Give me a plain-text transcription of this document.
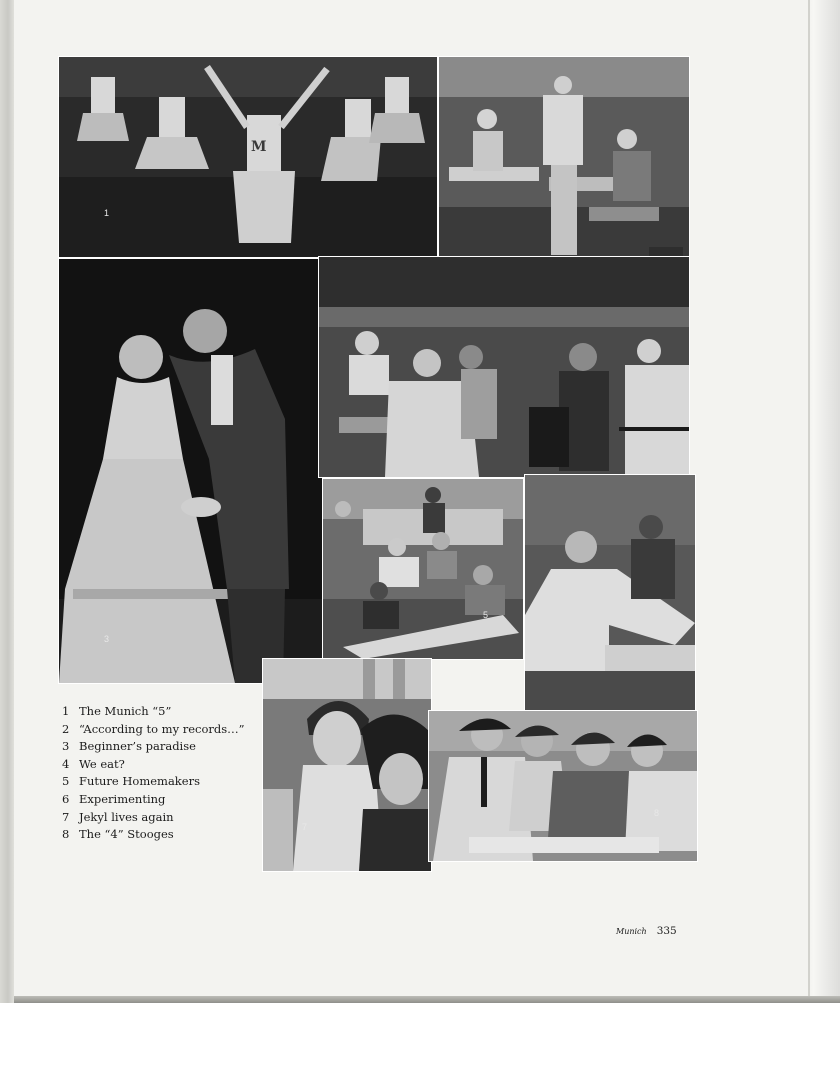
M
1
3
5
7
8
1 The Munich “5”
2 “According to my records…”
3 Beginner’s paradise
4 We eat?
5 Future Homemakers
6 Experimenting
7 Jekyl lives again
8 The “4” Stooges
Munich 335
